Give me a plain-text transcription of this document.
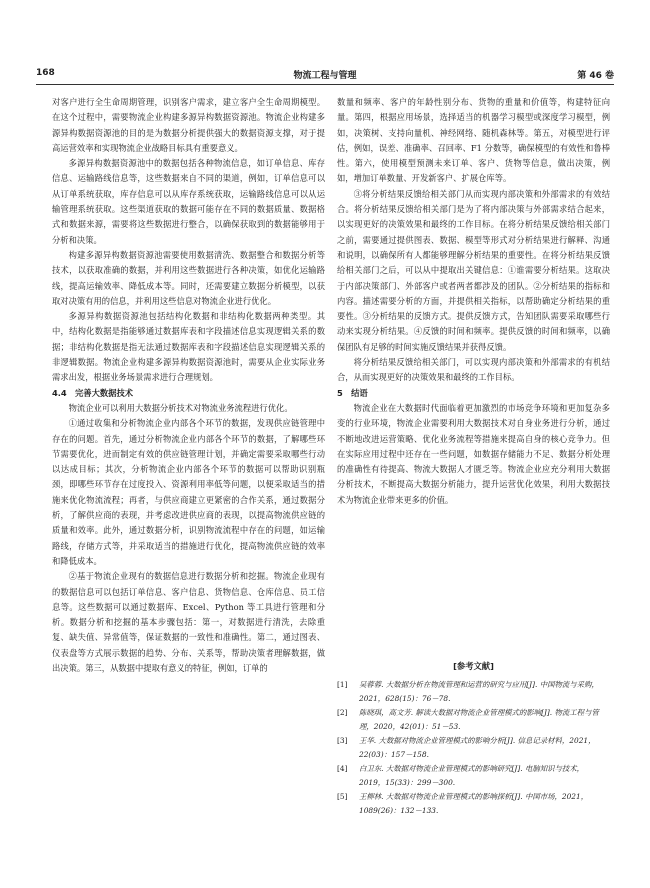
168	物流工程与管理	第 46 卷

对客户进行全生命周期管理，识别客户需求，建立客户全生命周期模型。在这个过程中，需要物流企业构建多源异构数据资源池。物流企业构建多源异构数据资源池的目的是为数据分析提供强大的数据资源支撑，对于提高运营效率和实现物流企业战略目标具有重要意义。

多源异构数据资源池中的数据包括各种物流信息，如订单信息、库存信息、运输路线信息等，这些数据来自不同的渠道，例如，订单信息可以从订单系统获取，库存信息可以从库存系统获取，运输路线信息可以从运输管理系统获取。这些渠道获取的数据可能存在不同的数据质量、数据格式和数据来源，需要将这些数据进行整合，以确保获取到的数据能够用于分析和决策。

构建多源异构数据资源池需要使用数据清洗、数据整合和数据分析等技术，以获取准确的数据，并利用这些数据进行各种决策，如优化运输路线，提高运输效率、降低成本等。同时，还需要建立数据分析模型，以获取对决策有用的信息，并利用这些信息对物流企业进行优化。

多源异构数据资源池包括结构化数据和非结构化数据两种类型。其中，结构化数据是指能够通过数据库表和字段描述信息实现逻辑关系的数据；非结构化数据是指无法通过数据库表和字段描述信息实现逻辑关系的非逻辑数据。物流企业构建多源异构数据资源池时，需要从企业实际业务需求出发，根据业务场景需求进行合理规划。

4.4　完善大数据技术

物流企业可以利用大数据分析技术对物流业务流程进行优化。

①通过收集和分析物流企业内部各个环节的数据，发现供应链管理中存在的问题。首先，通过分析物流企业内部各个环节的数据，了解哪些环节需要优化，进而制定有效的供应链管理计划，并确定需要采取哪些行动以达成目标；其次，分析物流企业内部各个环节的数据可以帮助识别瓶颈，即哪些环节存在过度投入、资源利用率低等问题，以便采取适当的措施来优化物流流程；再者，与供应商建立更紧密的合作关系，通过数据分析，了解供应商的表现，并考虑改进供应商的表现，以提高物流供应链的质量和效率。此外，通过数据分析，识别物流流程中存在的问题，如运输路线，存储方式等，并采取适当的措施进行优化，提高物流供应链的效率和降低成本。

②基于物流企业现有的数据信息进行数据分析和挖掘。物流企业现有的数据信息可以包括订单信息、客户信息、货物信息、仓库信息、员工信息等。这些数据可以通过数据库、Excel、Python 等工具进行管理和分析。数据分析和挖掘的基本步骤包括：第一，对数据进行清洗，去除重复、缺失值、异常值等，保证数据的一致性和准确性。第二，通过图表、仪表盘等方式展示数据的趋势、分布、关系等，帮助决策者理解数据，做出决策。第三，从数据中提取有意义的特征，例如，订单的

数量和频率、客户的年龄性别分布、货物的重量和价值等，构建特征向量。第四，根据应用场景，选择适当的机器学习模型或深度学习模型，例如，决策树、支持向量机、神经网络、随机森林等。第五，对模型进行评估，例如，误差、准确率、召回率、F1 分数等，确保模型的有效性和鲁棒性。第六，使用模型预测未来订单、客户、货物等信息，做出决策，例如，增加订单数量、开发新客户、扩展仓库等。

③将分析结果反馈给相关部门从而实现内部决策和外部需求的有效结合。将分析结果反馈给相关部门是为了将内部决策与外部需求结合起来，以实现更好的决策效果和最终的工作目标。在将分析结果反馈给相关部门之前，需要通过提供图表、数据、模型等形式对分析结果进行解释、沟通和说明，以确保所有人都能够理解分析结果的重要性。在将分析结果反馈给相关部门之后，可以从中提取出关键信息：①谁需要分析结果。这取决于内部决策部门、外部客户或者两者都涉及的团队。②分析结果的指标和内容。描述需要分析的方面，并提供相关指标，以帮助确定分析结果的重要性。③分析结果的反馈方式。提供反馈方式，告知团队需要采取哪些行动来实现分析结果。④反馈的时间和频率。提供反馈的时间和频率，以确保团队有足够的时间实施反馈结果并获得反馈。

将分析结果反馈给相关部门，可以实现内部决策和外部需求的有机结合，从而实现更好的决策效果和最终的工作目标。

5　结语

物流企业在大数据时代面临着更加激烈的市场竞争环境和更加复杂多变的行业环境，物流企业需要利用大数据技术对自身业务进行分析，通过不断地改进运营策略、优化业务流程等措施来提高自身的核心竞争力。但在实际应用过程中还存在一些问题，如数据存储能力不足、数据分析处理的准确性有待提高、物流大数据人才匮乏等。物流企业应充分利用大数据分析技术，不断提高大数据分析能力，提升运营优化效果，利用大数据技术为物流企业带来更多的价值。

[参考文献]
[1]	吴蓉蓉. 大数据分析在物流管理和运营的研究与应用[J]. 中国物流与采购，2021，628(15)：76－78.
[2]	陈晓琪，高文芳. 解读大数据对物流企业管理模式的影响[J]. 物流工程与管理，2020，42(01)：51－53.
[3]	王华. 大数据对物流企业管理模式的影响分析[J]. 信息记录材料，2021，22(03)：157－158.
[4]	白卫东. 大数据对物流企业管理模式的影响研究[J]. 电脑知识与技术，2019，15(33)：299－300.
[5]	王柳林. 大数据对物流企业管理模式的影响探析[J]. 中国市场，2021，1089(26)：132－133.
